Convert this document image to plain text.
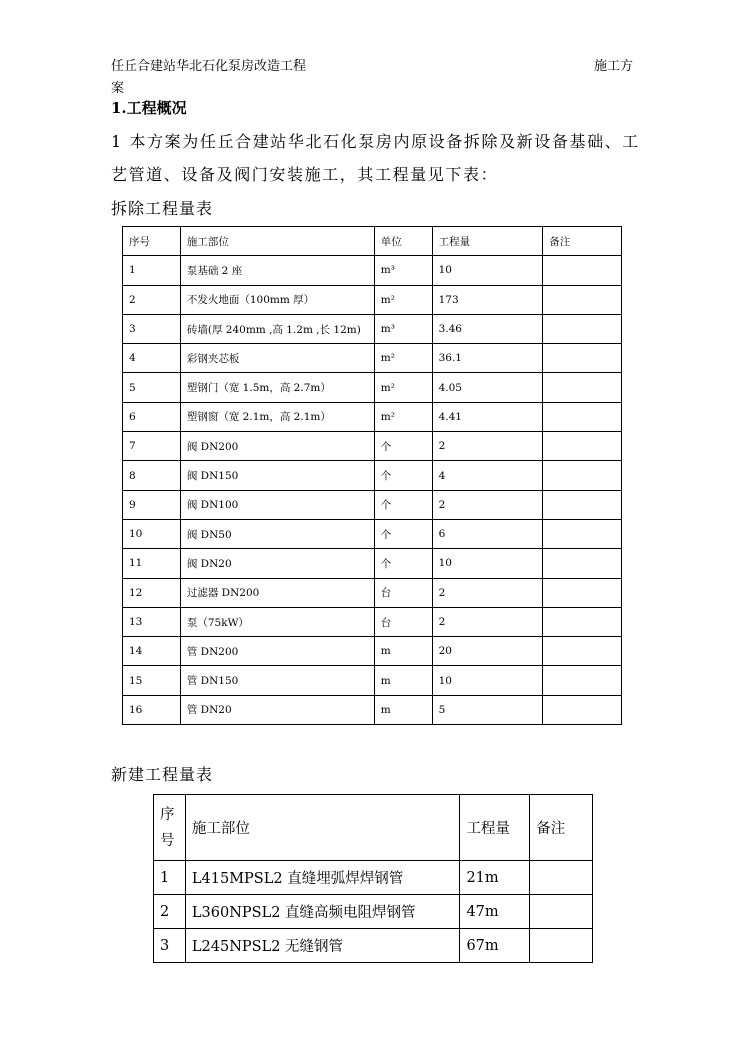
任丘合建站华北石化泵房改造工程	施工方
案
1.工程概况
1 本方案为任丘合建站华北石化泵房内原设备拆除及新设备基础、工
艺管道、设备及阀门安装施工，其工程量见下表：
拆除工程量表
序号	施工部位	单位	工程量	备注
1	泵基础 2 座	m³	10	
2	不发火地面（100mm 厚）	m²	173	
3	砖墙(厚 240mm ,高 1.2m ,长 12m)	m³	3.46	
4	彩钢夹芯板	m²	36.1	
5	塑钢门（宽 1.5m，高 2.7m）	m²	4.05	
6	塑钢窗（宽 2.1m，高 2.1m）	m²	4.41	
7	阀 DN200	个	2	
8	阀 DN150	个	4	
9	阀 DN100	个	2	
10	阀 DN50	个	6	
11	阀 DN20	个	10	
12	过滤器 DN200	台	2	
13	泵（75kW）	台	2	
14	管 DN200	m	20	
15	管 DN150	m	10	
16	管 DN20	m	5	
新建工程量表
序
号	施工部位	工程量	备注
1	L415MPSL2 直缝埋弧焊焊钢管	21m	
2	L360NPSL2 直缝高频电阻焊钢管	47m	
3	L245NPSL2 无缝钢管	67m	
